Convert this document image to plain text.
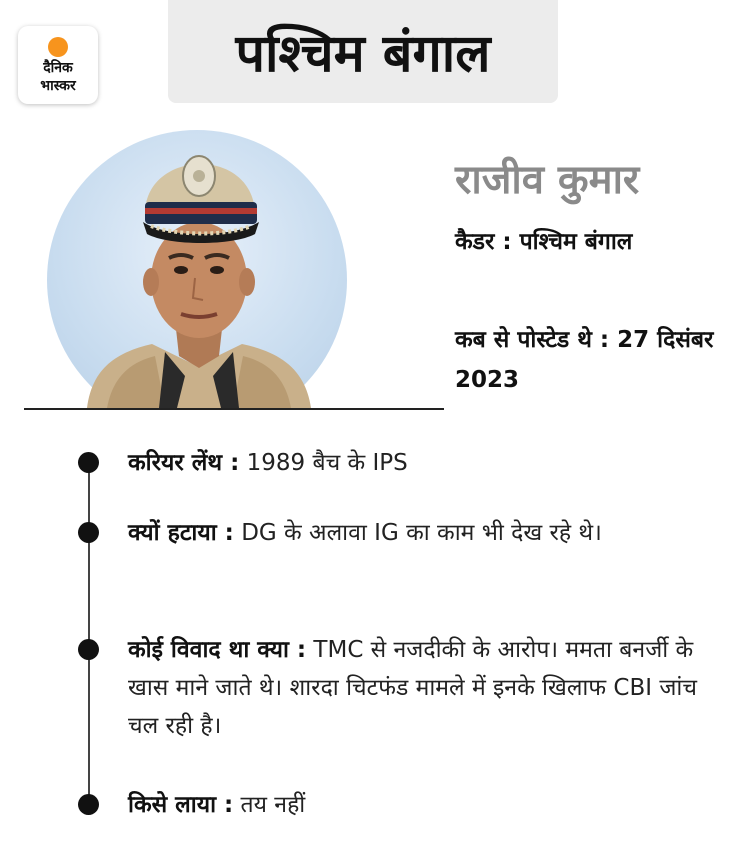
दैनिक
भास्कर
पश्चिम बंगाल
राजीव कुमार
कैडर : पश्चिम बंगाल
कब से पोस्टेड थे : 27 दिसंबर 2023
करियर लेंथ : 1989 बैच के IPS
क्यों हटाया : DG के अलावा IG का काम भी देख रहे थे।
कोई विवाद था क्या : TMC से नजदीकी के आरोप। ममता बनर्जी के खास माने जाते थे। शारदा चिटफंड मामले में इनके खिलाफ CBI जांच चल रही है।
किसे लाया : तय नहीं
